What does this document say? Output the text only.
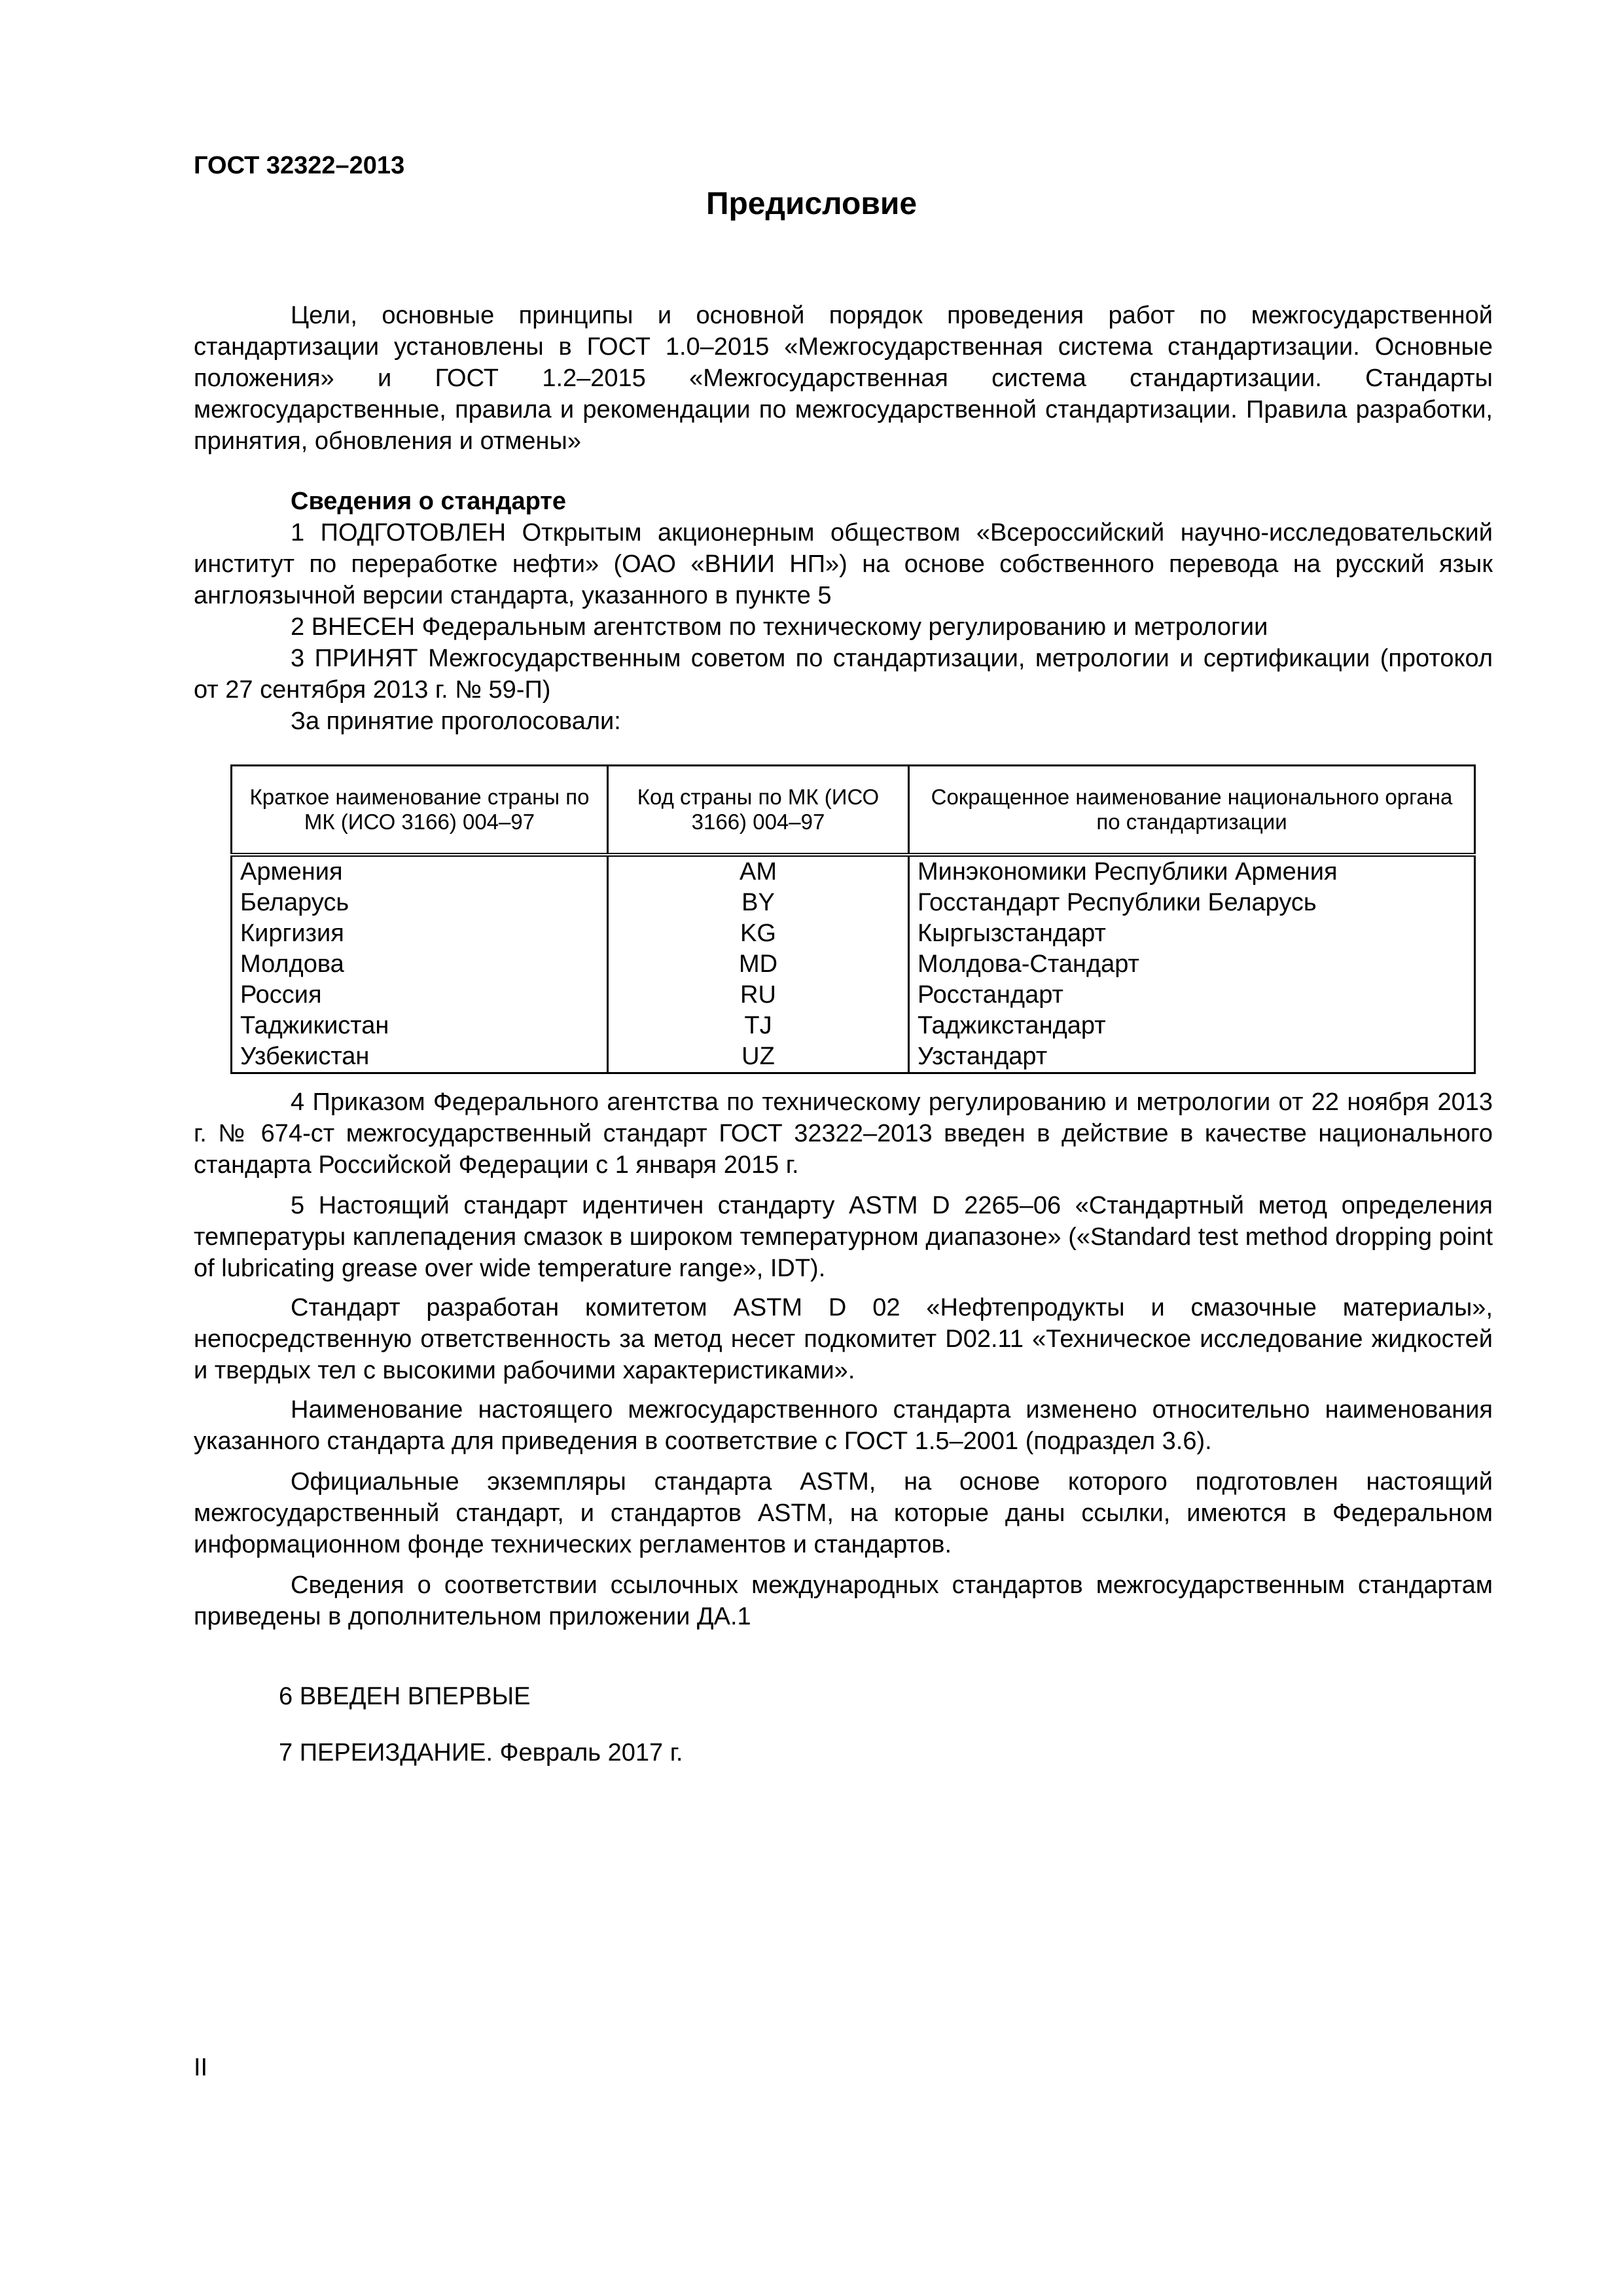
ГОСТ 32322–2013
Предисловие

Цели, основные принципы и основной порядок проведения работ по межгосударственной стандартизации установлены в ГОСТ 1.0–2015 «Межгосударственная система стандартизации. Основные положения» и ГОСТ 1.2–2015 «Межгосударственная система стандартизации. Стандарты межгосударственные, правила и рекомендации по межгосударственной стандартизации. Правила разработки, принятия, обновления и отмены»

Сведения о стандарте

1 ПОДГОТОВЛЕН Открытым акционерным обществом «Всероссийский научно-исследовательский институт по переработке нефти» (ОАО «ВНИИ НП») на основе собственного перевода на русский язык англоязычной версии стандарта, указанного в пункте 5

2 ВНЕСЕН Федеральным агентством по техническому регулированию и метрологии

3 ПРИНЯТ Межгосударственным советом по стандартизации, метрологии и сертификации (протокол от 27 сентября 2013 г. № 59-П)

За принятие проголосовали:
Краткое наименование страны по МК (ИСО 3166) 004–97	Код страны по МК (ИСО 3166) 004–97	Сокращенное наименование национального органа по стандартизации
Армения	AM	Минэкономики Республики Армения
Беларусь	BY	Госстандарт Республики Беларусь
Киргизия	KG	Кыргызстандарт
Молдова	MD	Молдова-Стандарт
Россия	RU	Росстандарт
Таджикистан	TJ	Таджикстандарт
Узбекистан	UZ	Узстандарт

4 Приказом Федерального агентства по техническому регулированию и метрологии от 22 ноября 2013 г. № 674-ст межгосударственный стандарт ГОСТ 32322–2013 введен в действие в качестве национального стандарта Российской Федерации с 1 января 2015 г.

5 Настоящий стандарт идентичен стандарту ASTM D 2265–06 «Стандартный метод определения температуры каплепадения смазок в широком температурном диапазоне» («Standard test method dropping point of lubricating grease over wide temperature range», IDT).

Стандарт разработан комитетом ASTM D 02 «Нефтепродукты и смазочные материалы», непосредственную ответственность за метод несет подкомитет D02.11 «Техническое исследование жидкостей и твердых тел с высокими рабочими характеристиками».

Наименование настоящего межгосударственного стандарта изменено относительно наименования указанного стандарта для приведения в соответствие с ГОСТ 1.5–2001 (подраздел 3.6).

Официальные экземпляры стандарта ASTM, на основе которого подготовлен настоящий межгосударственный стандарт, и стандартов ASTM, на которые даны ссылки, имеются в Федеральном информационном фонде технических регламентов и стандартов.

Сведения о соответствии ссылочных международных стандартов межгосударственным стандартам приведены в дополнительном приложении ДА.1

6 ВВЕДЕН ВПЕРВЫЕ
7 ПЕРЕИЗДАНИЕ. Февраль 2017 г.
II
